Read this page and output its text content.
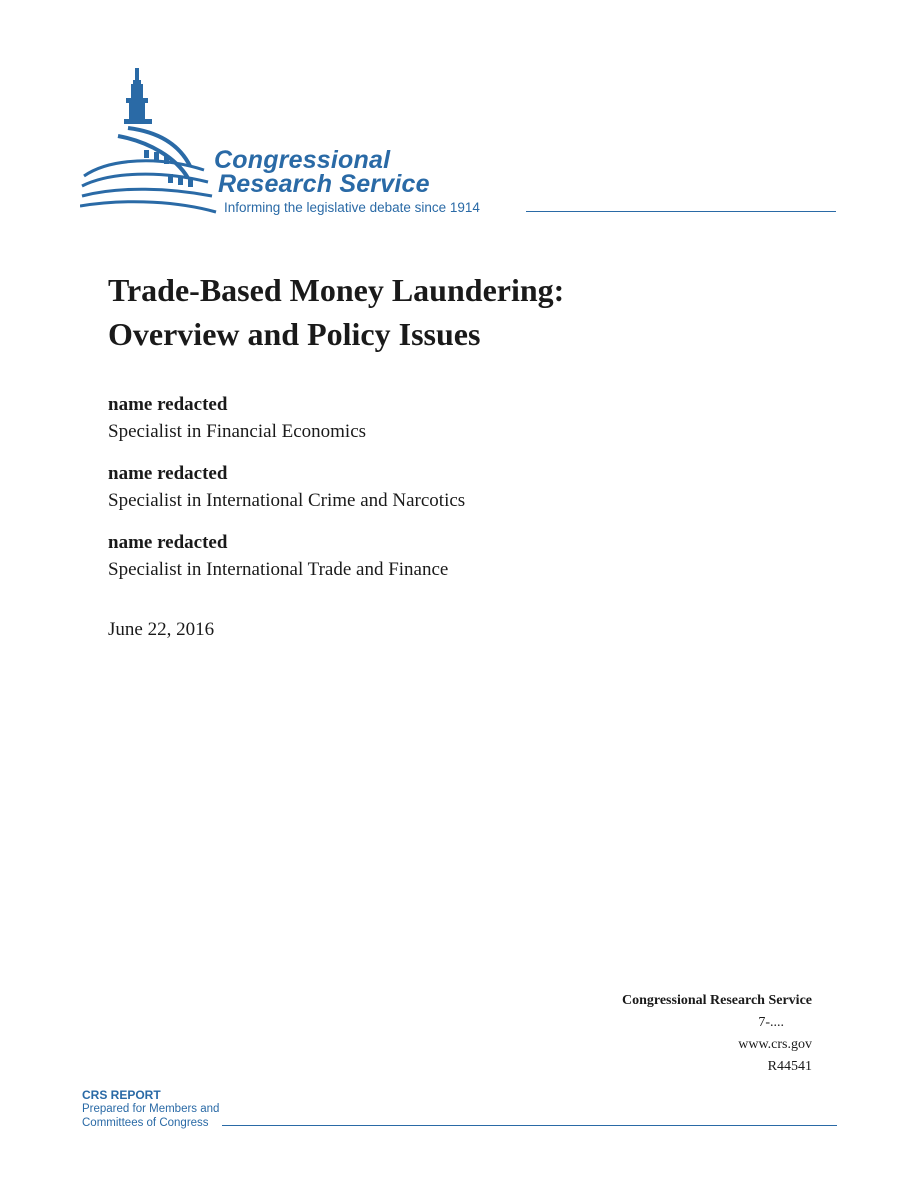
Congressional
Research Service
Informing the legislative debate since 1914
Trade-Based Money Laundering:
Overview and Policy Issues
name redacted
Specialist in Financial Economics
name redacted
Specialist in International Crime and Narcotics
name redacted
Specialist in International Trade and Finance
June 22, 2016
Congressional Research Service
7-....
www.crs.gov
R44541
CRS REPORT
Prepared for Members and
Committees of Congress
